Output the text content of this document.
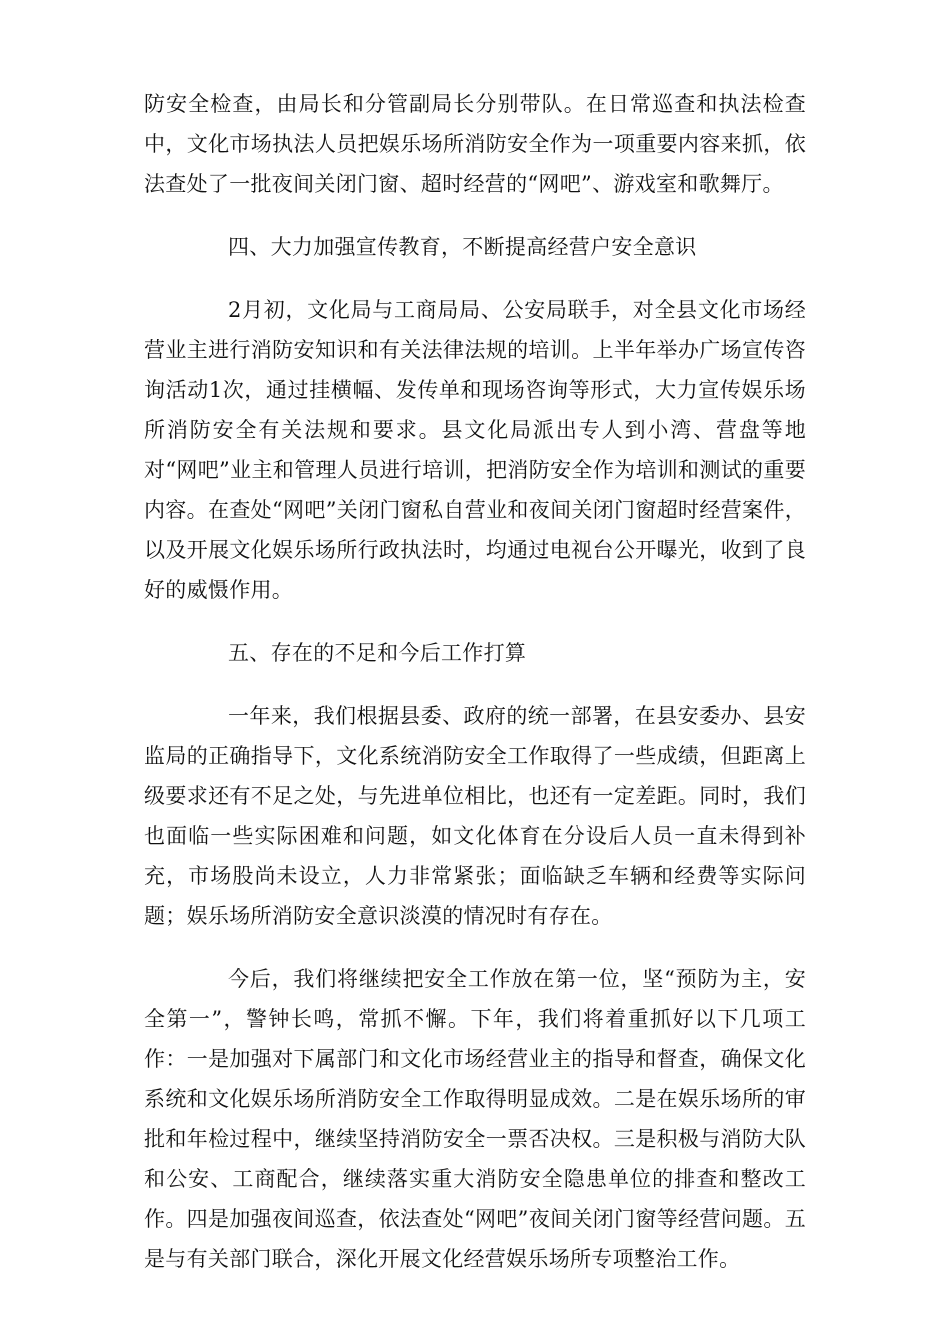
防安全检查，由局长和分管副局长分别带队。在日常巡查和执法检查中，文化市场执法人员把娱乐场所消防安全作为一项重要内容来抓，依法查处了一批夜间关闭门窗、超时经营的“网吧”、游戏室和歌舞厅。

四、大力加强宣传教育，不断提高经营户安全意识

2月初，文化局与工商局局、公安局联手，对全县文化市场经营业主进行消防安知识和有关法律法规的培训。上半年举办广场宣传咨询活动1次，通过挂横幅、发传单和现场咨询等形式，大力宣传娱乐场所消防安全有关法规和要求。县文化局派出专人到小湾、营盘等地对“网吧”业主和管理人员进行培训，把消防安全作为培训和测试的重要内容。在查处“网吧”关闭门窗私自营业和夜间关闭门窗超时经营案件，以及开展文化娱乐场所行政执法时，均通过电视台公开曝光，收到了良好的威慑作用。

五、存在的不足和今后工作打算

一年来，我们根据县委、政府的统一部署，在县安委办、县安监局的正确指导下，文化系统消防安全工作取得了一些成绩，但距离上级要求还有不足之处，与先进单位相比，也还有一定差距。同时，我们也面临一些实际困难和问题，如文化体育在分设后人员一直未得到补充，市场股尚未设立，人力非常紧张；面临缺乏车辆和经费等实际问题；娱乐场所消防安全意识淡漠的情况时有存在。

今后，我们将继续把安全工作放在第一位，坚“预防为主，安全第一”，警钟长鸣，常抓不懈。下年，我们将着重抓好以下几项工作：一是加强对下属部门和文化市场经营业主的指导和督查，确保文化系统和文化娱乐场所消防安全工作取得明显成效。二是在娱乐场所的审批和年检过程中，继续坚持消防安全一票否决权。三是积极与消防大队和公安、工商配合，继续落实重大消防安全隐患单位的排查和整改工作。四是加强夜间巡查，依法查处“网吧”夜间关闭门窗等经营问题。五是与有关部门联合，深化开展文化经营娱乐场所专项整治工作。
